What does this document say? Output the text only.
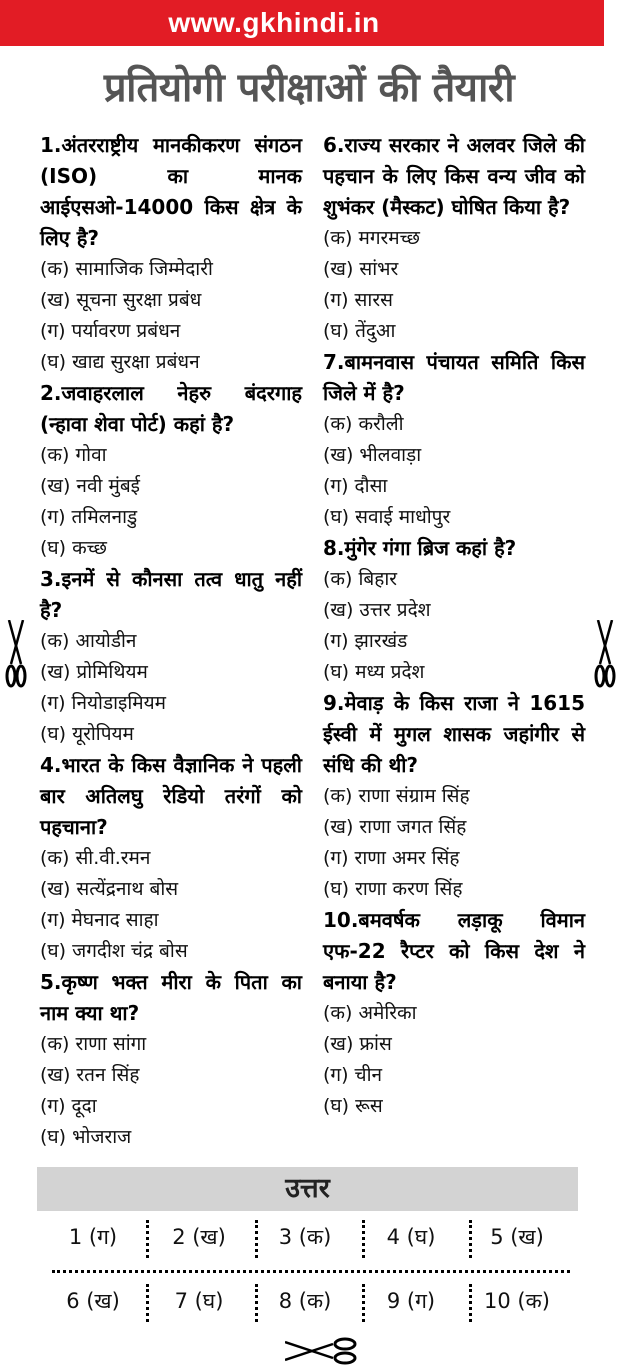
www.gkhindi.in
प्रतियोगी परीक्षाओं की तैयारी

1.अंतरराष्ट्रीय मानकीकरण संगठन (ISO) का मानक आईएसओ-14000 किस क्षेत्र के लिए है?

(क) सामाजिक जिम्मेदारी

(ख) सूचना सुरक्षा प्रबंध

(ग) पर्यावरण प्रबंधन

(घ) खाद्य सुरक्षा प्रबंधन

2.जवाहरलाल नेहरु बंदरगाह (न्हावा शेवा पोर्ट) कहां है?

(क) गोवा

(ख) नवी मुंबई

(ग) तमिलनाडु

(घ) कच्छ

3.इनमें से कौनसा तत्व धातु नहीं है?

(क) आयोडीन

(ख) प्रोमिथियम

(ग) नियोडाइमियम

(घ) यूरोपियम

4.भारत के किस वैज्ञानिक ने पहली बार अतिलघु रेडियो तरंगों को पहचाना?

(क) सी.वी.रमन

(ख) सत्येंद्रनाथ बोस

(ग) मेघनाद साहा

(घ) जगदीश चंद्र बोस

5.कृष्ण भक्त मीरा के पिता का नाम क्या था?

(क) राणा सांगा

(ख) रतन सिंह

(ग) दूदा

(घ) भोजराज

6.राज्य सरकार ने अलवर जिले की पहचान के लिए किस वन्य जीव को शुभंकर (मैस्कट) घोषित किया है?

(क) मगरमच्छ

(ख) सांभर

(ग) सारस

(घ) तेंदुआ

7.बामनवास पंचायत समिति किस जिले में है?

(क) करौली

(ख) भीलवाड़ा

(ग) दौसा

(घ) सवाई माधोपुर

8.मुंगेर गंगा ब्रिज कहां है?

(क) बिहार

(ख) उत्तर प्रदेश

(ग) झारखंड

(घ) मध्य प्रदेश

9.मेवाड़ के किस राजा ने 1615 ईस्वी में मुगल शासक जहांगीर से संधि की थी?

(क) राणा संग्राम सिंह

(ख) राणा जगत सिंह

(ग) राणा अमर सिंह

(घ) राणा करण सिंह

10.बमवर्षक लड़ाकू विमान एफ-22 रैप्टर को किस देश ने बनाया है?

(क) अमेरिका

(ख) फ्रांस

(ग) चीन

(घ) रूस

उत्तर
1 (ग)	2 (ख)	3 (क)	4 (घ)	5 (ख)
6 (ख)	7 (घ)	8 (क)	9 (ग)	10 (क)
